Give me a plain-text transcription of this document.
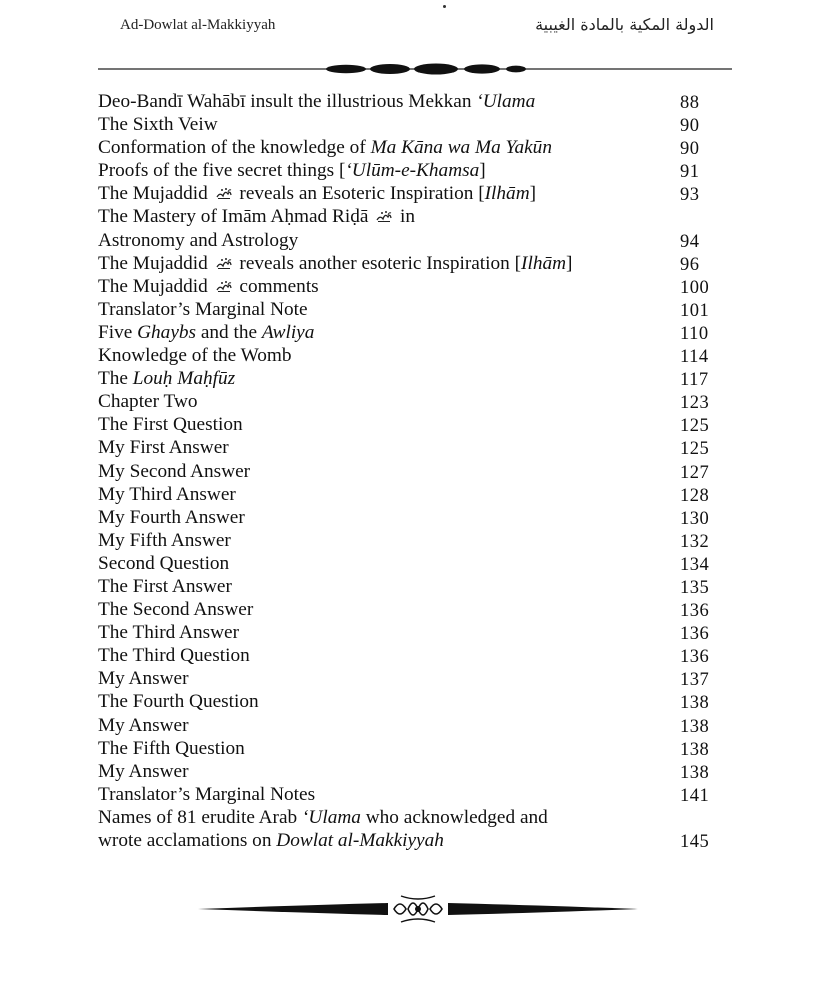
Ad-Dowlat al-Makkiyyah	الدولة المكية بالمادة الغيبية
Deo-Bandī Wahābī insult the illustrious Mekkan ‘Ulama	88
The Sixth Veiw	90
Conformation of the knowledge of Ma Kāna wa Ma Yakūn	90
Proofs of the five secret things [‘Ulūm-e-Khamsa]	91
The Mujaddid  reveals an Esoteric Inspiration [Ilhām]	93
The Mastery of Imām Aḥmad Riḍā  in
Astronomy and Astrology	94
The Mujaddid  reveals another esoteric Inspiration [Ilhām]	96
The Mujaddid  comments	100
Translator’s Marginal Note	101
Five Ghaybs and the Awliya	110
Knowledge of the Womb	114
The Louḥ Maḥfūz	117
Chapter Two	123
The First Question	125
My First Answer	125
My Second Answer	127
My Third Answer	128
My Fourth Answer	130
My Fifth Answer	132
Second Question	134
The First Answer	135
The Second Answer	136
The Third Answer	136
The Third Question	136
My Answer	137
The Fourth Question	138
My Answer	138
The Fifth Question	138
My Answer	138
Translator’s Marginal Notes	141
Names of 81 erudite Arab ‘Ulama who acknowledged and
wrote acclamations on Dowlat al-Makkiyyah	145
